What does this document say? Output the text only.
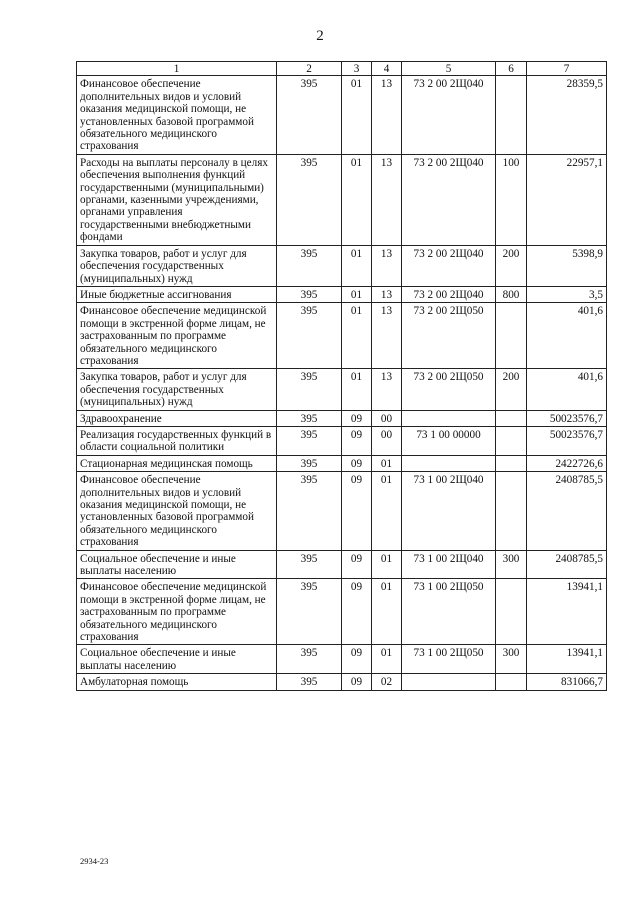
2
1	2	3	4	5	6	7
Финансовое обеспечение дополнительных видов и условий оказания медицинской помощи, не установленных базовой программой обязательного медицинского страхования	395	01	13	73 2 00 2Щ040		28359,5
Расходы на выплаты персоналу в целях обеспечения выполнения функций государственными (муниципальными) органами, казенными учреждениями, органами управления государственными внебюджетными фондами	395	01	13	73 2 00 2Щ040	100	22957,1
Закупка товаров, работ и услуг для обеспечения государственных (муниципальных) нужд	395	01	13	73 2 00 2Щ040	200	5398,9
Иные бюджетные ассигнования	395	01	13	73 2 00 2Щ040	800	3,5
Финансовое обеспечение медицинской помощи в экстренной форме лицам, не застрахованным по программе обязательного медицинского страхования	395	01	13	73 2 00 2Щ050		401,6
Закупка товаров, работ и услуг для обеспечения государственных (муниципальных) нужд	395	01	13	73 2 00 2Щ050	200	401,6
Здравоохранение	395	09	00			50023576,7
Реализация государственных функций в области социальной политики	395	09	00	73 1 00 00000		50023576,7
Стационарная медицинская помощь	395	09	01			2422726,6
Финансовое обеспечение дополнительных видов и условий оказания медицинской помощи, не установленных базовой программой обязательного медицинского страхования	395	09	01	73 1 00 2Щ040		2408785,5
Социальное обеспечение и иные выплаты населению	395	09	01	73 1 00 2Щ040	300	2408785,5
Финансовое обеспечение медицинской помощи в экстренной форме лицам, не застрахованным по программе обязательного медицинского страхования	395	09	01	73 1 00 2Щ050		13941,1
Социальное обеспечение и иные выплаты населению	395	09	01	73 1 00 2Щ050	300	13941,1
Амбулаторная помощь	395	09	02			831066,7
2934-23
